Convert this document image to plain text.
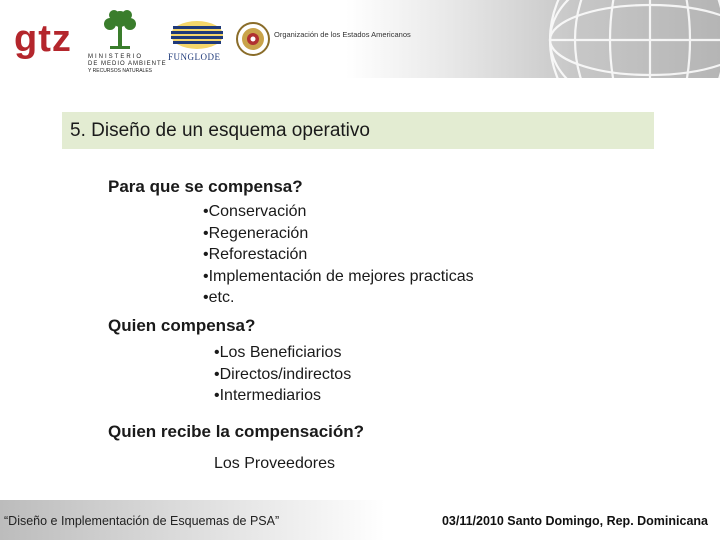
gtz	MINISTERIO
DE MEDIO AMBIENTE
Y RECURSOS NATURALES
FUNGLODE
Organización de los Estados Americanos
5. Diseño de un esquema operativo
Para que se compensa?
•Conservación
•Regeneración
•Reforestación
•Implementación de mejores practicas
•etc.
Quien compensa?
•Los Beneficiarios
•Directos/indirectos
•Intermediarios
Quien recibe la compensación?
Los Proveedores
“Diseño e Implementación de Esquemas de PSA”	03/11/2010 Santo Domingo, Rep. Dominicana
